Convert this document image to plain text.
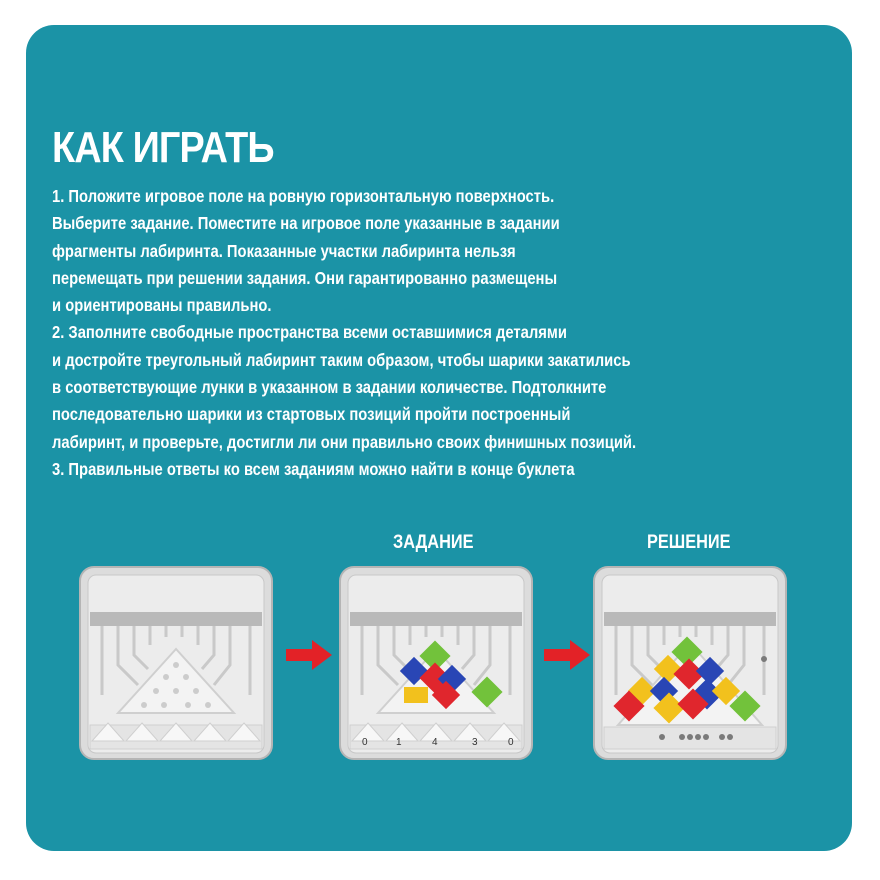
КАК ИГРАТЬ
1. Положите игровое поле на ровную горизонтальную поверхность.
Выберите задание. Поместите на игровое поле указанные в задании
фрагменты лабиринта. Показанные участки лабиринта нельзя
перемещать при решении задания. Они гарантированно размещены
и ориентированы правильно.
2. Заполните свободные пространства всеми оставшимися деталями
и достройте треугольный лабиринт таким образом, чтобы шарики закатились
в соответствующие лунки в указанном в задании количестве. Подтолкните
последовательно шарики из стартовых позиций пройти построенный
лабиринт, и проверьте, достигли ли они правильно своих финишных позиций.
3. Правильные ответы ко всем заданиям можно найти в конце буклета
ЗАДАНИЕ	РЕШЕНИЕ
0	1	4	3	0
